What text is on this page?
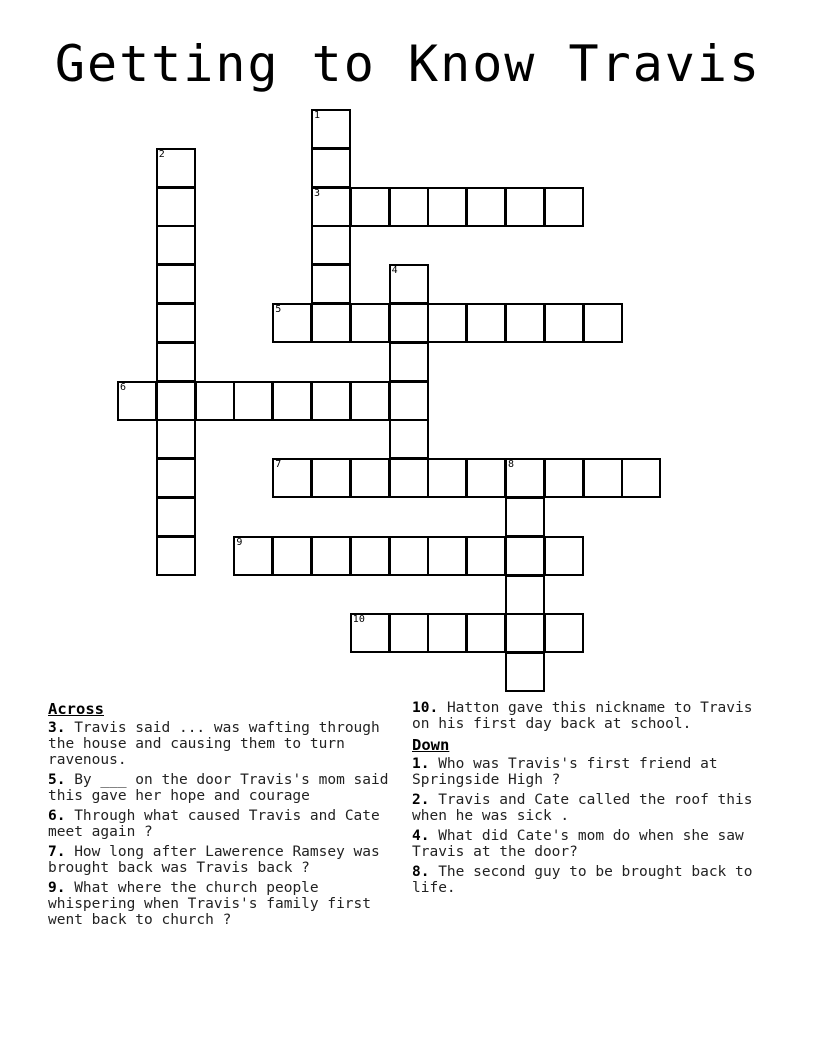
Getting to Know Travis
1
3
2
4
5
6
7	8
9
10
Across
3. Travis said ... was wafting through the house and causing them to turn ravenous.
5. By ___ on the door Travis's mom said this gave her hope and courage
6. Through what caused Travis and Cate meet again ?
7. How long after Lawerence Ramsey was brought back was Travis back ?
9. What where the church people whispering when Travis's family first went back to church ?
10. Hatton gave this nickname to Travis on his first day back at school.
Down
1. Who was Travis's first friend at Springside High ?
2. Travis and Cate called the roof this when he was sick .
4. What did Cate's mom do when she saw Travis at the door?
8. The second guy to be brought back to life.
